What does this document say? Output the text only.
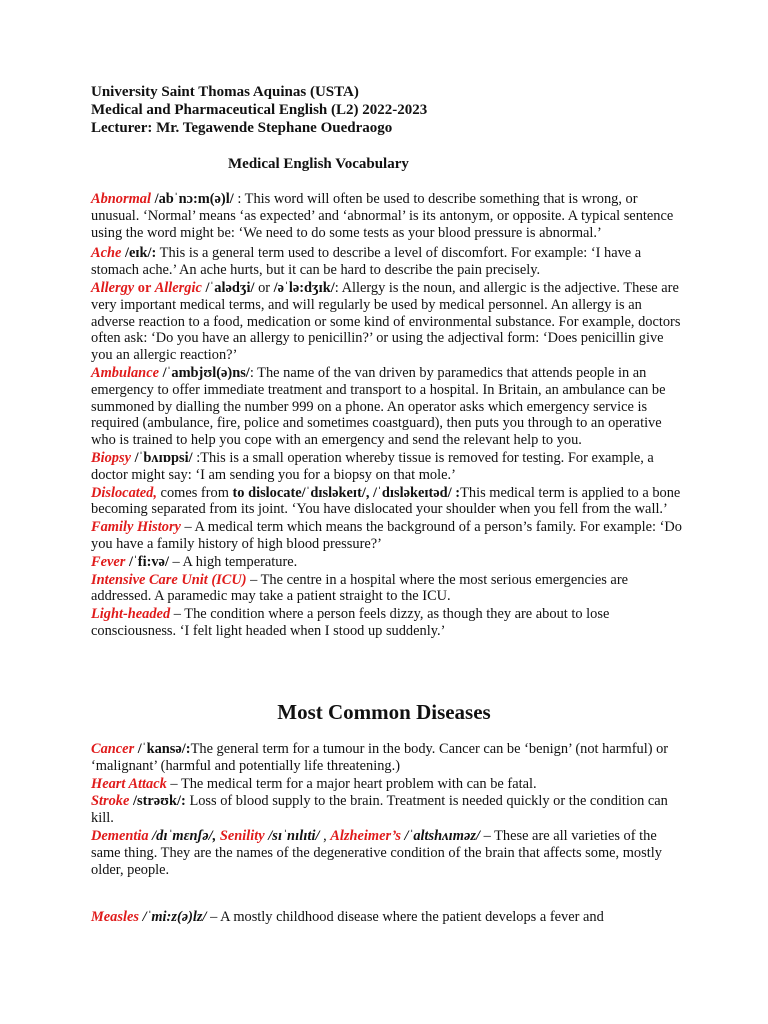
University Saint Thomas Aquinas (USTA)
Medical and Pharmaceutical English (L2) 2022-2023
Lecturer: Mr. Tegawende Stephane Ouedraogo
Medical English Vocabulary

Abnormal /abˈnɔ:m(ə)l/ : This word will often be used to describe something that is wrong, or unusual. ‘Normal’ means ‘as expected’ and ‘abnormal’ is its antonym, or opposite. A typical sentence using the word might be: ‘We need to do some tests as your blood pressure is abnormal.’

Ache /eɪk/: This is a general term used to describe a level of discomfort. For example: ‘I have a stomach ache.’ An ache hurts, but it can be hard to describe the pain precisely.

Allergy or Allergic /ˈalədʒi/ or /əˈlə:dʒɪk/: Allergy is the noun, and allergic is the adjective. These are very important medical terms, and will regularly be used by medical personnel. An allergy is an adverse reaction to a food, medication or some kind of environmental substance. For example, doctors often ask: ‘Do you have an allergy to penicillin?’ or using the adjectival form: ‘Does penicillin give you an allergic reaction?’

Ambulance /ˈambjʊl(ə)ns/: The name of the van driven by paramedics that attends people in an emergency to offer immediate treatment and transport to a hospital. In Britain, an ambulance can be summoned by dialling the number 999 on a phone. An operator asks which emergency service is required (ambulance, fire, police and sometimes coastguard), then puts you through to an operative who is trained to help you cope with an emergency and send the relevant help to you.

Biopsy /ˈbʌɪɒpsi/ :This is a small operation whereby tissue is removed for testing. For example, a doctor might say: ‘I am sending you for a biopsy on that mole.’

Dislocated, comes from to dislocate/ˈdɪsləkeɪt/, /ˈdɪsləkeɪtəd/ :This medical term is applied to a bone becoming separated from its joint. ‘You have dislocated your shoulder when you fell from the wall.’

Family History – A medical term which means the background of a person’s family. For example: ‘Do you have a family history of high blood pressure?’

Fever /ˈfi:və/ – A high temperature.

Intensive Care Unit (ICU) – The centre in a hospital where the most serious emergencies are addressed. A paramedic may take a patient straight to the ICU.

Light-headed – The condition where a person feels dizzy, as though they are about to lose consciousness. ‘I felt light headed when I stood up suddenly.’

Most Common Diseases

Cancer /ˈkansə/:The general term for a tumour in the body. Cancer can be ‘benign’ (not harmful) or ‘malignant’ (harmful and potentially life threatening.)

Heart Attack – The medical term for a major heart problem with can be fatal.

Stroke /strəʊk/: Loss of blood supply to the brain. Treatment is needed quickly or the condition can kill.

Dementia /dɪˈmɛnʃə/, Senility /sɪˈnɪlɪti/ , Alzheimer’s /ˈaltshʌɪməz/ – These are all varieties of the same thing. They are the names of the degenerative condition of the brain that affects some, mostly older, people.

Measles /ˈmi:z(ə)lz/ – A mostly childhood disease where the patient develops a fever and
